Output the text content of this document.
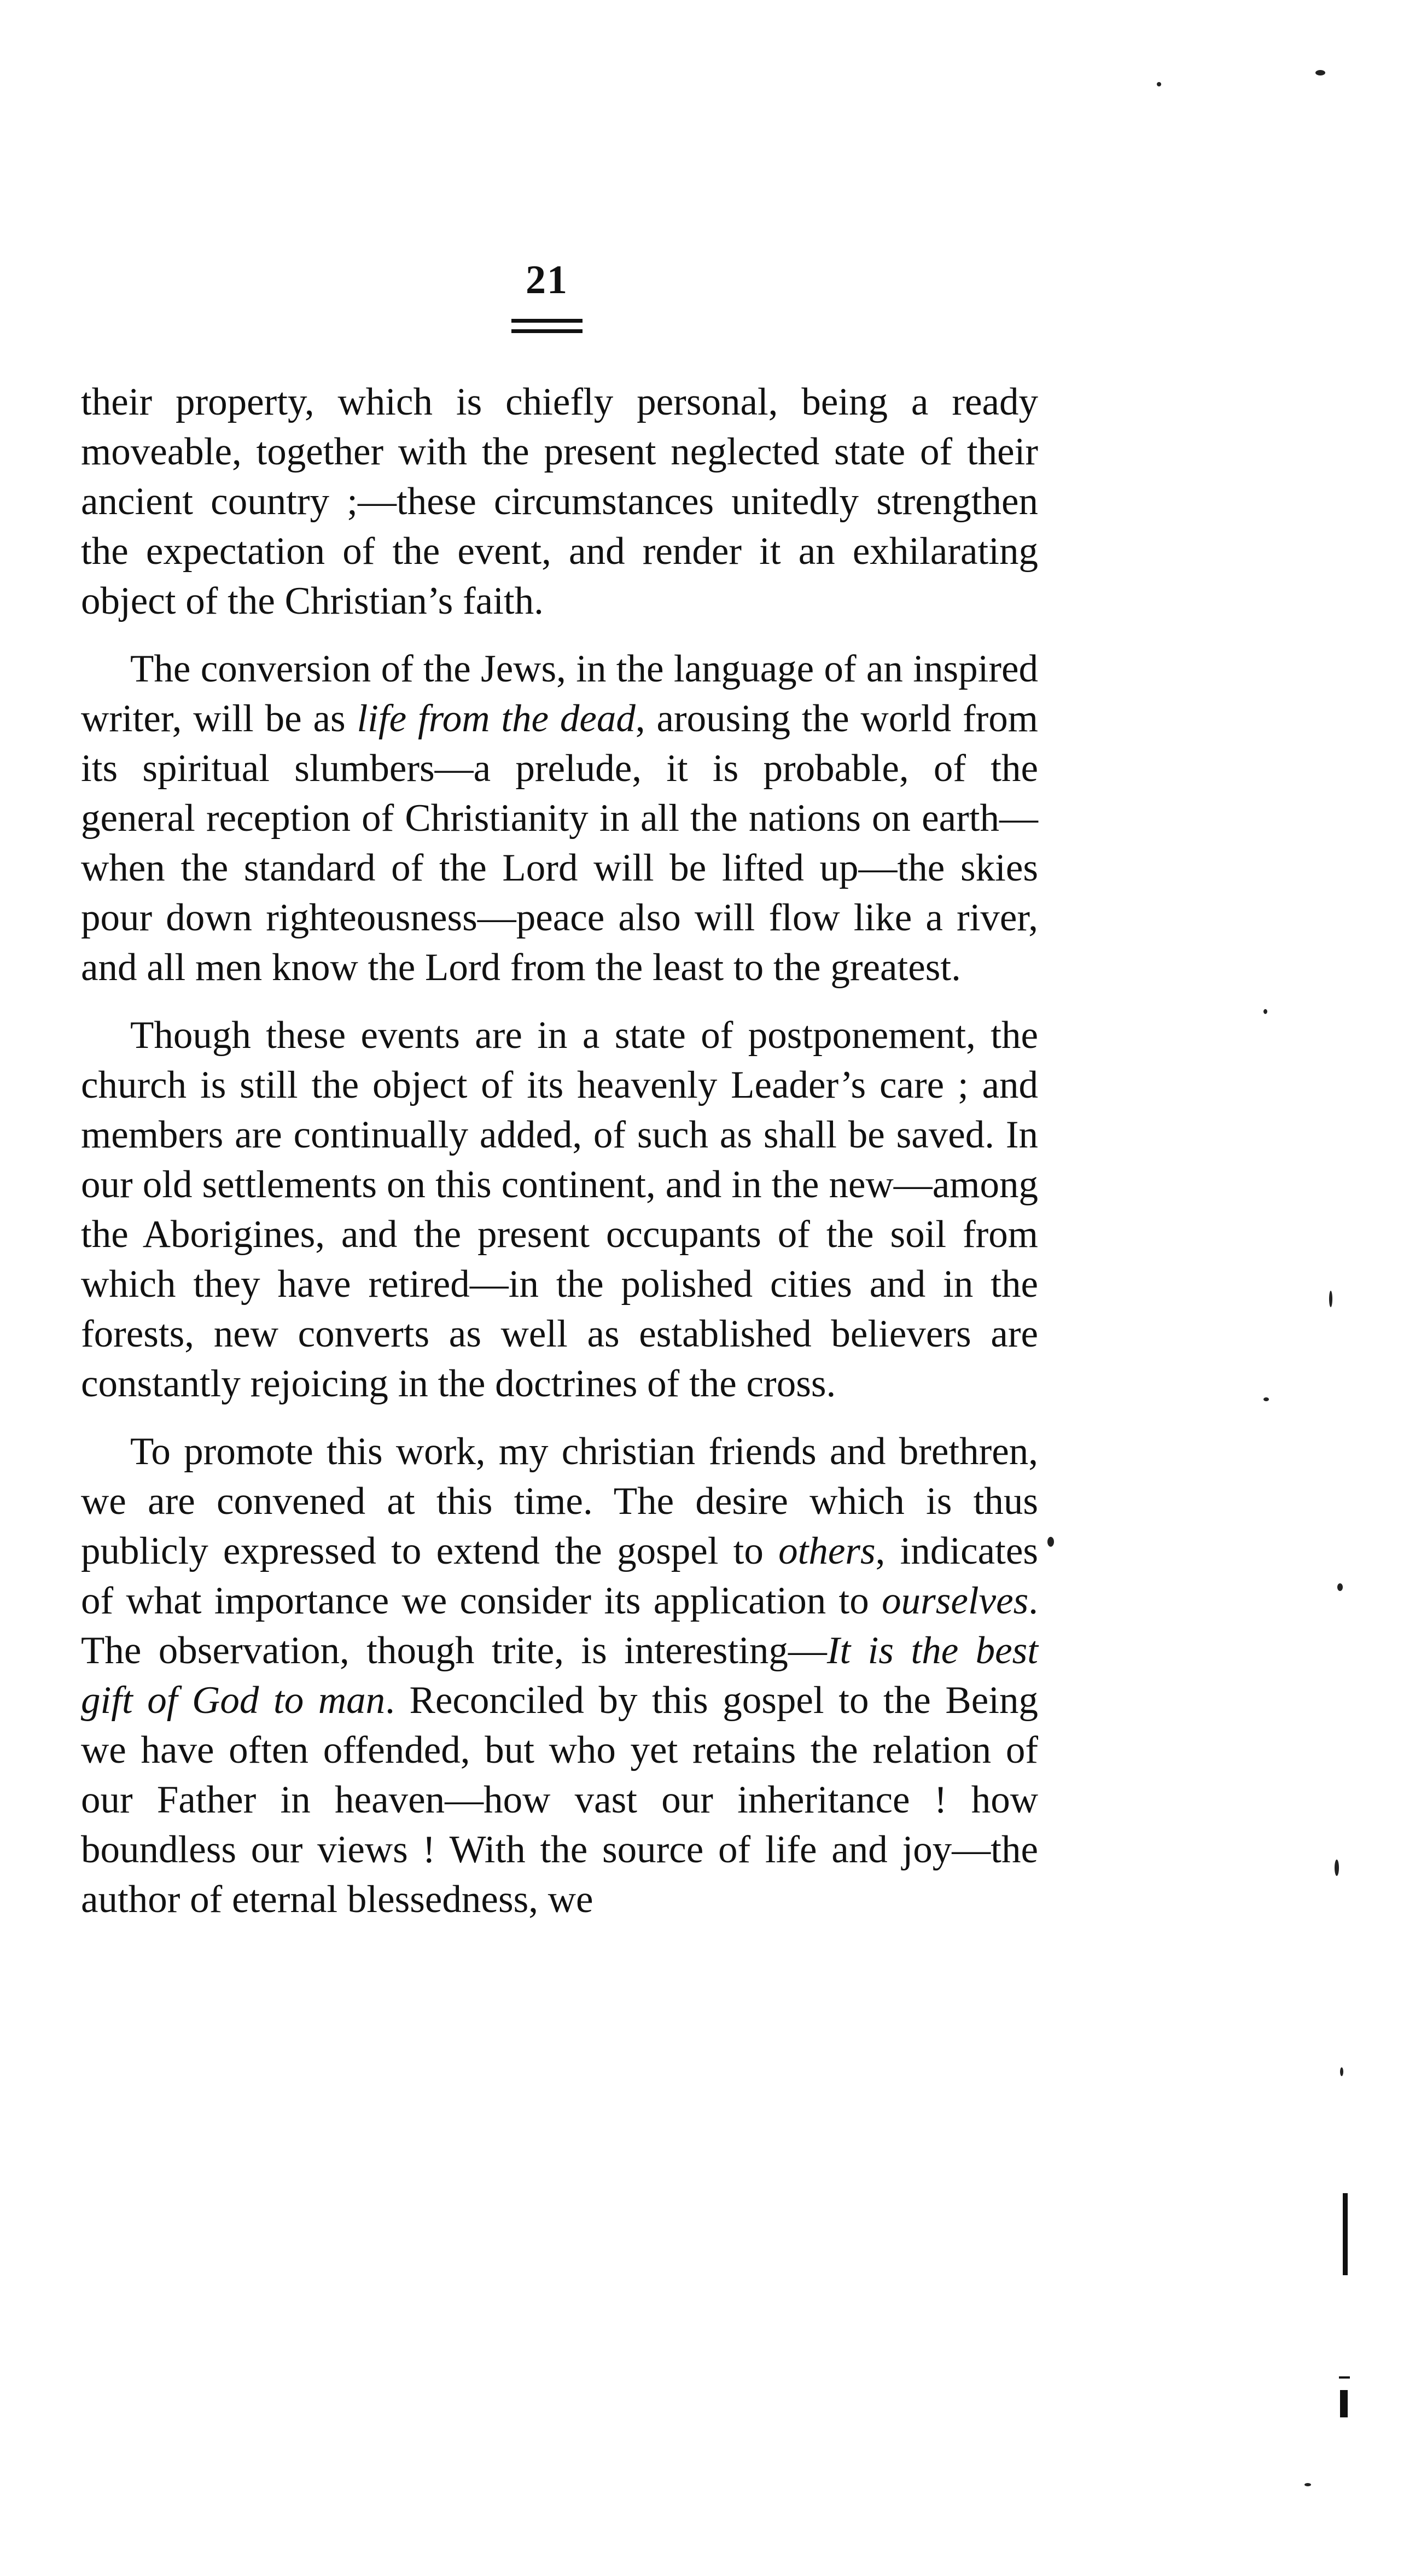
21

their property, which is chiefly personal, being a ready moveable, together with the present neglected state of their ancient country ;—these circumstances unitedly strengthen the expectation of the event, and render it an exhilarating object of the Christian’s faith.

The conversion of the Jews, in the language of an inspired writer, will be as life from the dead, arousing the world from its spiritual slumbers—a prelude, it is probable, of the general reception of Christianity in all the nations on earth—when the standard of the Lord will be lifted up—the skies pour down righteousness—peace also will flow like a river, and all men know the Lord from the least to the greatest.

Though these events are in a state of postponement, the church is still the object of its heavenly Leader’s care ; and members are continually added, of such as shall be saved. In our old settlements on this continent, and in the new—among the Aborigines, and the present occupants of the soil from which they have retired—in the polished cities and in the forests, new converts as well as established believers are constantly rejoicing in the doctrines of the cross.

To promote this work, my christian friends and brethren, we are convened at this time. The desire which is thus publicly expressed to extend the gospel to others, indicates of what importance we consider its application to ourselves. The observation, though trite, is interesting—It is the best gift of God to man. Reconciled by this gospel to the Being we have often offended, but who yet retains the relation of our Father in heaven—how vast our inheritance ! how boundless our views ! With the source of life and joy—the author of eternal blessedness, we
